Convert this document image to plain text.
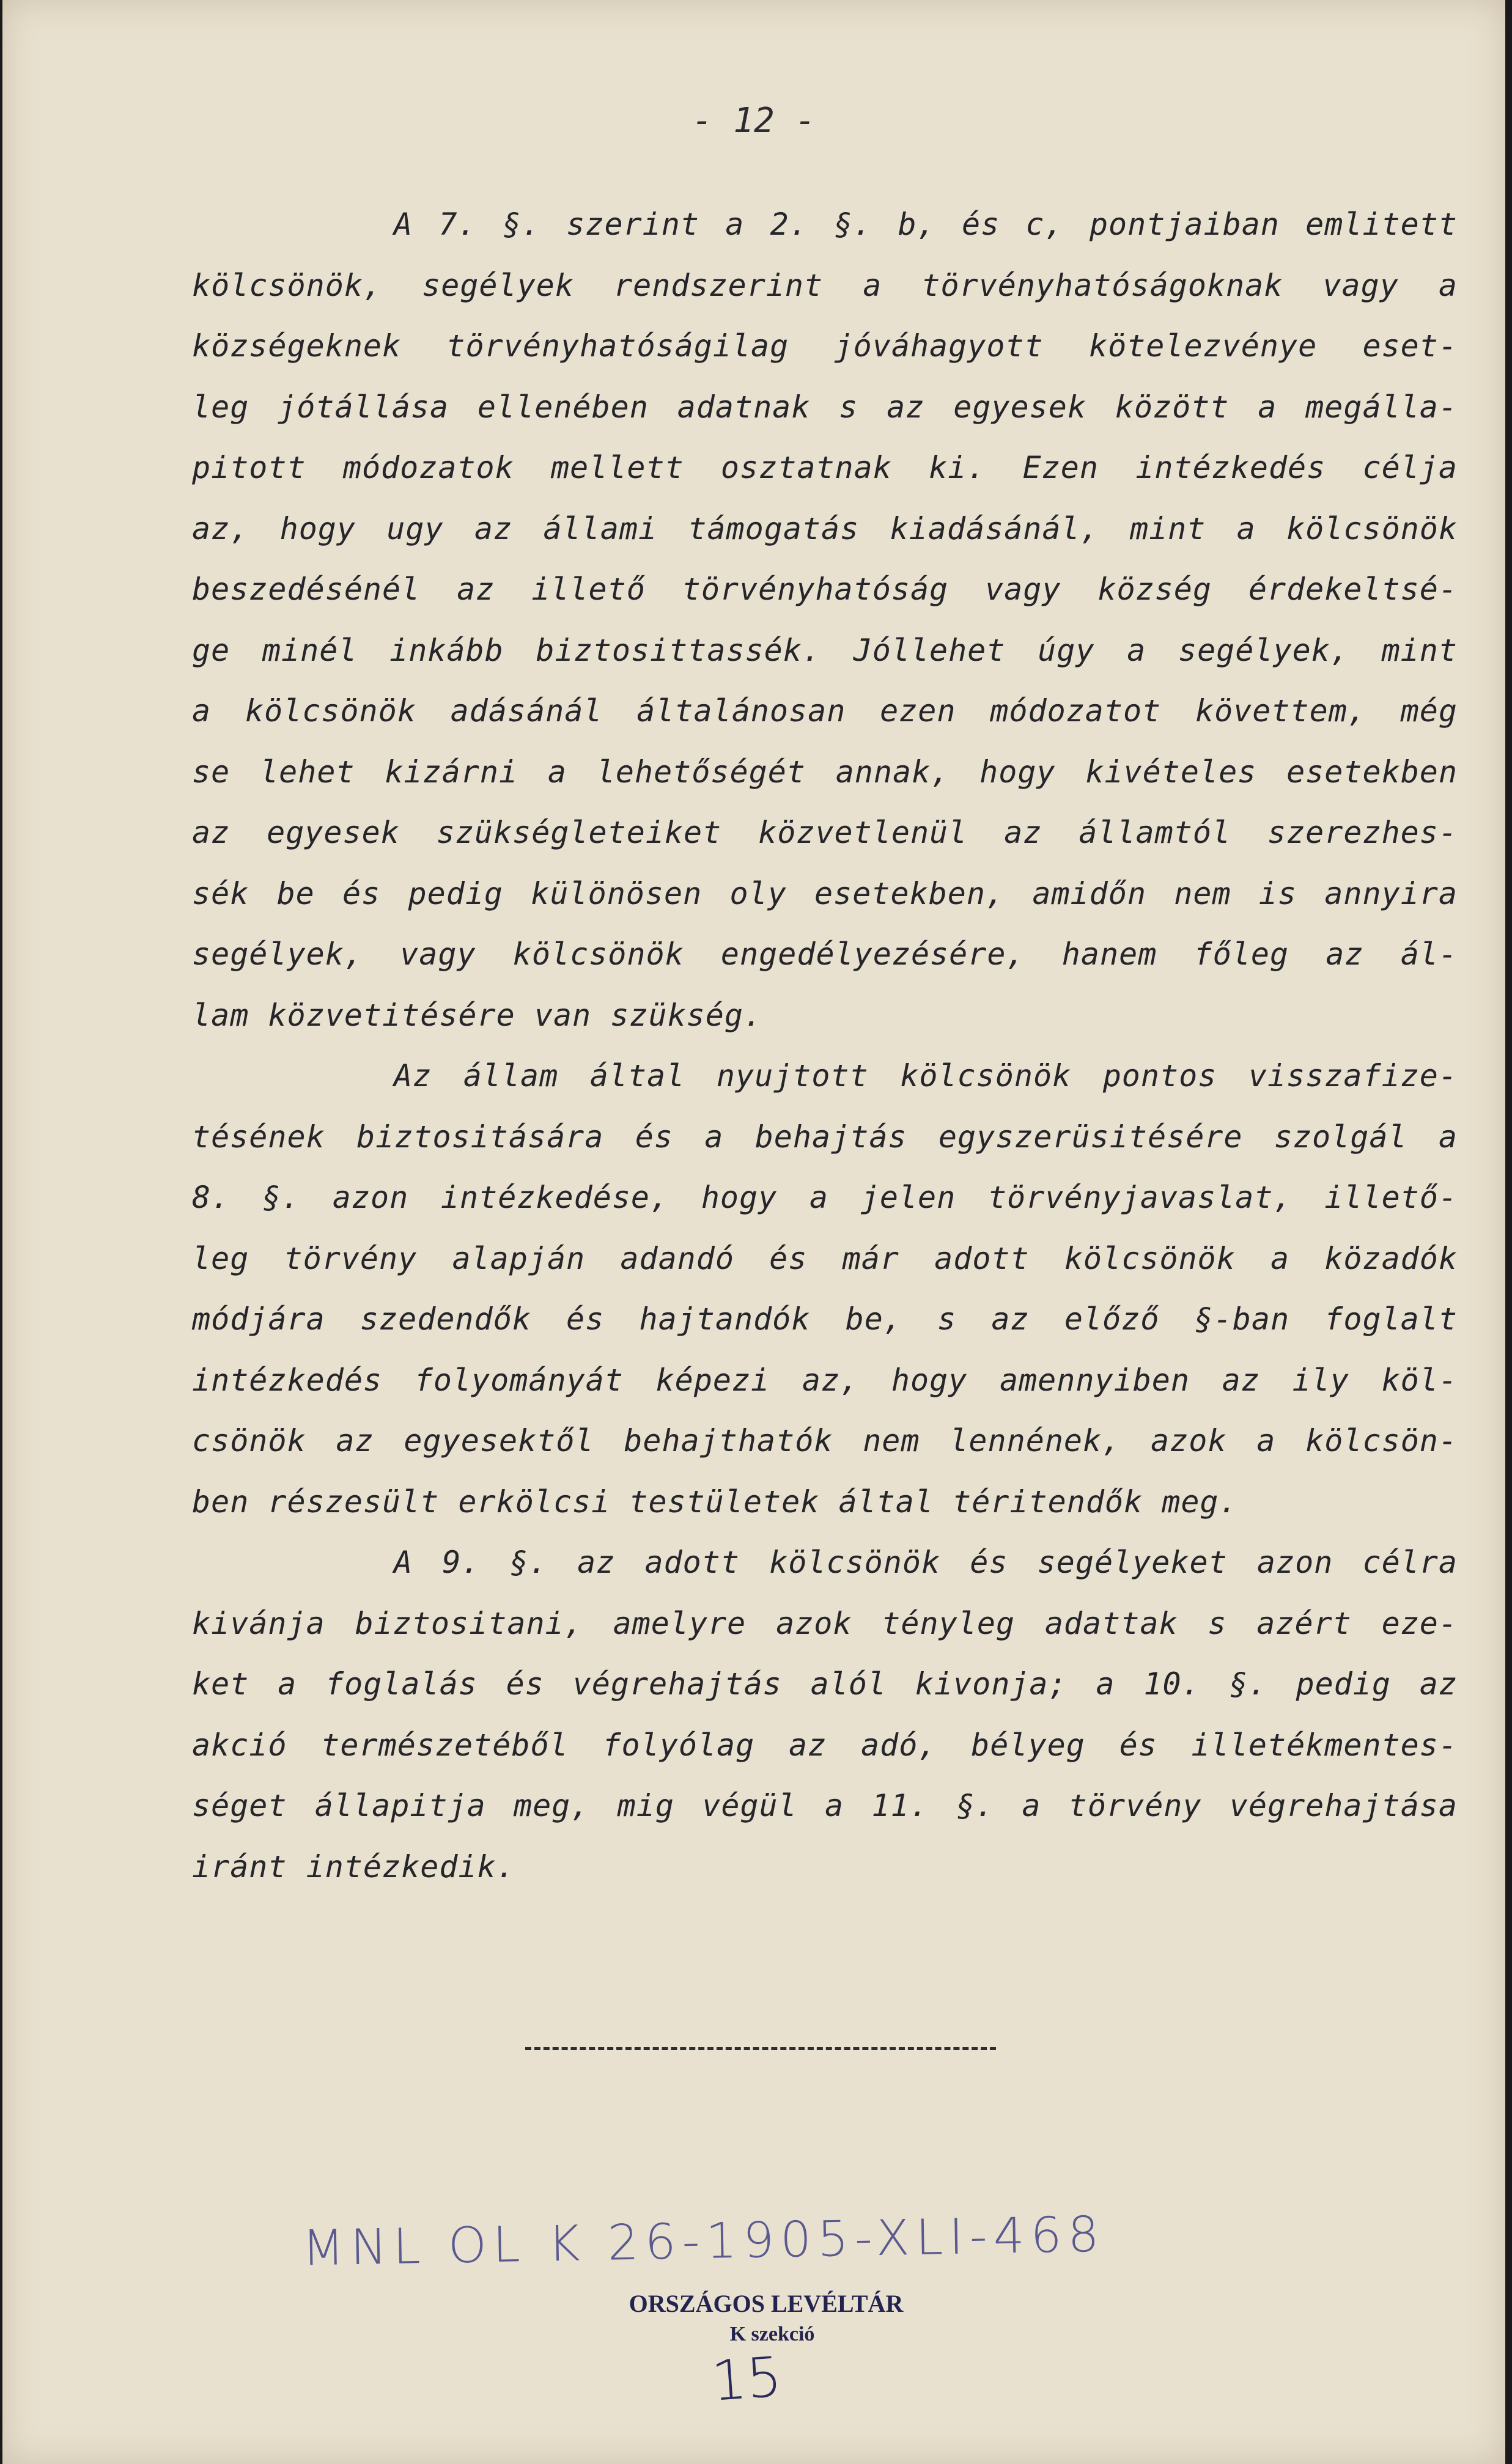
- 12 -
A 7. §. szerint a 2. §. b, és c, pontjaiban emlitett
kölcsönök, segélyek rendszerint a törvényhatóságoknak vagy a
községeknek törvényhatóságilag jóváhagyott kötelezvénye eset-
leg jótállása ellenében adatnak s az egyesek között a megálla-
pitott módozatok mellett osztatnak ki. Ezen intézkedés célja
az, hogy ugy az állami támogatás kiadásánál, mint a kölcsönök
beszedésénél az illető törvényhatóság vagy község érdekeltsé-
ge minél inkább biztosittassék. Jóllehet úgy a segélyek, mint
a kölcsönök adásánál általánosan ezen módozatot követtem, még
se lehet kizárni a lehetőségét annak, hogy kivételes esetekben
az egyesek szükségleteiket közvetlenül az államtól szerezhes-
sék be és pedig különösen oly esetekben, amidőn nem is annyira
segélyek, vagy kölcsönök engedélyezésére, hanem főleg az ál-
lam közvetitésére van szükség.
Az állam által nyujtott kölcsönök pontos visszafize-
tésének biztositására és a behajtás egyszerüsitésére szolgál a
8. §. azon intézkedése, hogy a jelen törvényjavaslat, illető-
leg törvény alapján adandó és már adott kölcsönök a közadók
módjára szedendők és hajtandók be, s az előző §-ban foglalt
intézkedés folyományát képezi az, hogy amennyiben az ily köl-
csönök az egyesektől behajthatók nem lennének, azok a kölcsön-
ben részesült erkölcsi testületek által téritendők meg.
A 9. §. az adott kölcsönök és segélyeket azon célra
kivánja biztositani, amelyre azok tényleg adattak s azért eze-
ket a foglalás és végrehajtás alól kivonja; a 10. §. pedig az
akció természetéből folyólag az adó, bélyeg és illetékmentes-
séget állapitja meg, mig végül a 11. §. a törvény végrehajtása
iránt intézkedik.
MNL OL K 26-1905-XLI-468
ORSZÁGOS LEVÉLTÁR
K szekció
15
